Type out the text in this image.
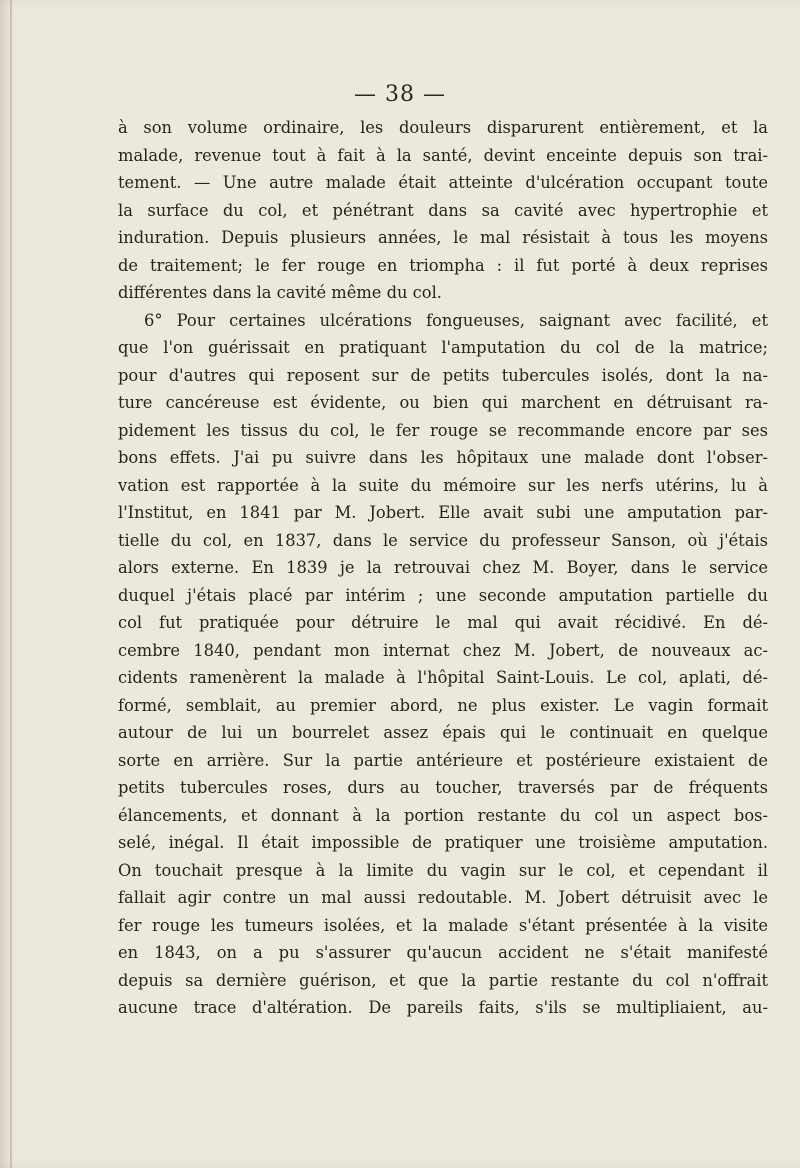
— 38 —
à son volume ordinaire, les douleurs disparurent entièrement, et la
malade, revenue tout à fait à la santé, devint enceinte depuis son trai-
tement. — Une autre malade était atteinte d'ulcération occupant toute
la surface du col, et pénétrant dans sa cavité avec hypertrophie et
induration. Depuis plusieurs années, le mal résistait à tous les moyens
de traitement; le fer rouge en triompha : il fut porté à deux reprises
différentes dans la cavité même du col.
6° Pour certaines ulcérations fongueuses, saignant avec facilité, et
que l'on guérissait en pratiquant l'amputation du col de la matrice;
pour d'autres qui reposent sur de petits tubercules isolés, dont la na-
ture cancéreuse est évidente, ou bien qui marchent en détruisant ra-
pidement les tissus du col, le fer rouge se recommande encore par ses
bons effets. J'ai pu suivre dans les hôpitaux une malade dont l'obser-
vation est rapportée à la suite du mémoire sur les nerfs utérins, lu à
l'Institut, en 1841 par M. Jobert. Elle avait subi une amputation par-
tielle du col, en 1837, dans le service du professeur Sanson, où j'étais
alors externe. En 1839 je la retrouvai chez M. Boyer, dans le service
duquel j'étais placé par intérim ; une seconde amputation partielle du
col fut pratiquée pour détruire le mal qui avait récidivé. En dé-
cembre 1840, pendant mon internat chez M. Jobert, de nouveaux ac-
cidents ramenèrent la malade à l'hôpital Saint-Louis. Le col, aplati, dé-
formé, semblait, au premier abord, ne plus exister. Le vagin formait
autour de lui un bourrelet assez épais qui le continuait en quelque
sorte en arrière. Sur la partie antérieure et postérieure existaient de
petits tubercules roses, durs au toucher, traversés par de fréquents
élancements, et donnant à la portion restante du col un aspect bos-
selé, inégal. Il était impossible de pratiquer une troisième amputation.
On touchait presque à la limite du vagin sur le col, et cependant il
fallait agir contre un mal aussi redoutable. M. Jobert détruisit avec le
fer rouge les tumeurs isolées, et la malade s'étant présentée à la visite
en 1843, on a pu s'assurer qu'aucun accident ne s'était manifesté
depuis sa dernière guérison, et que la partie restante du col n'offrait
aucune trace d'altération. De pareils faits, s'ils se multipliaient, au-
